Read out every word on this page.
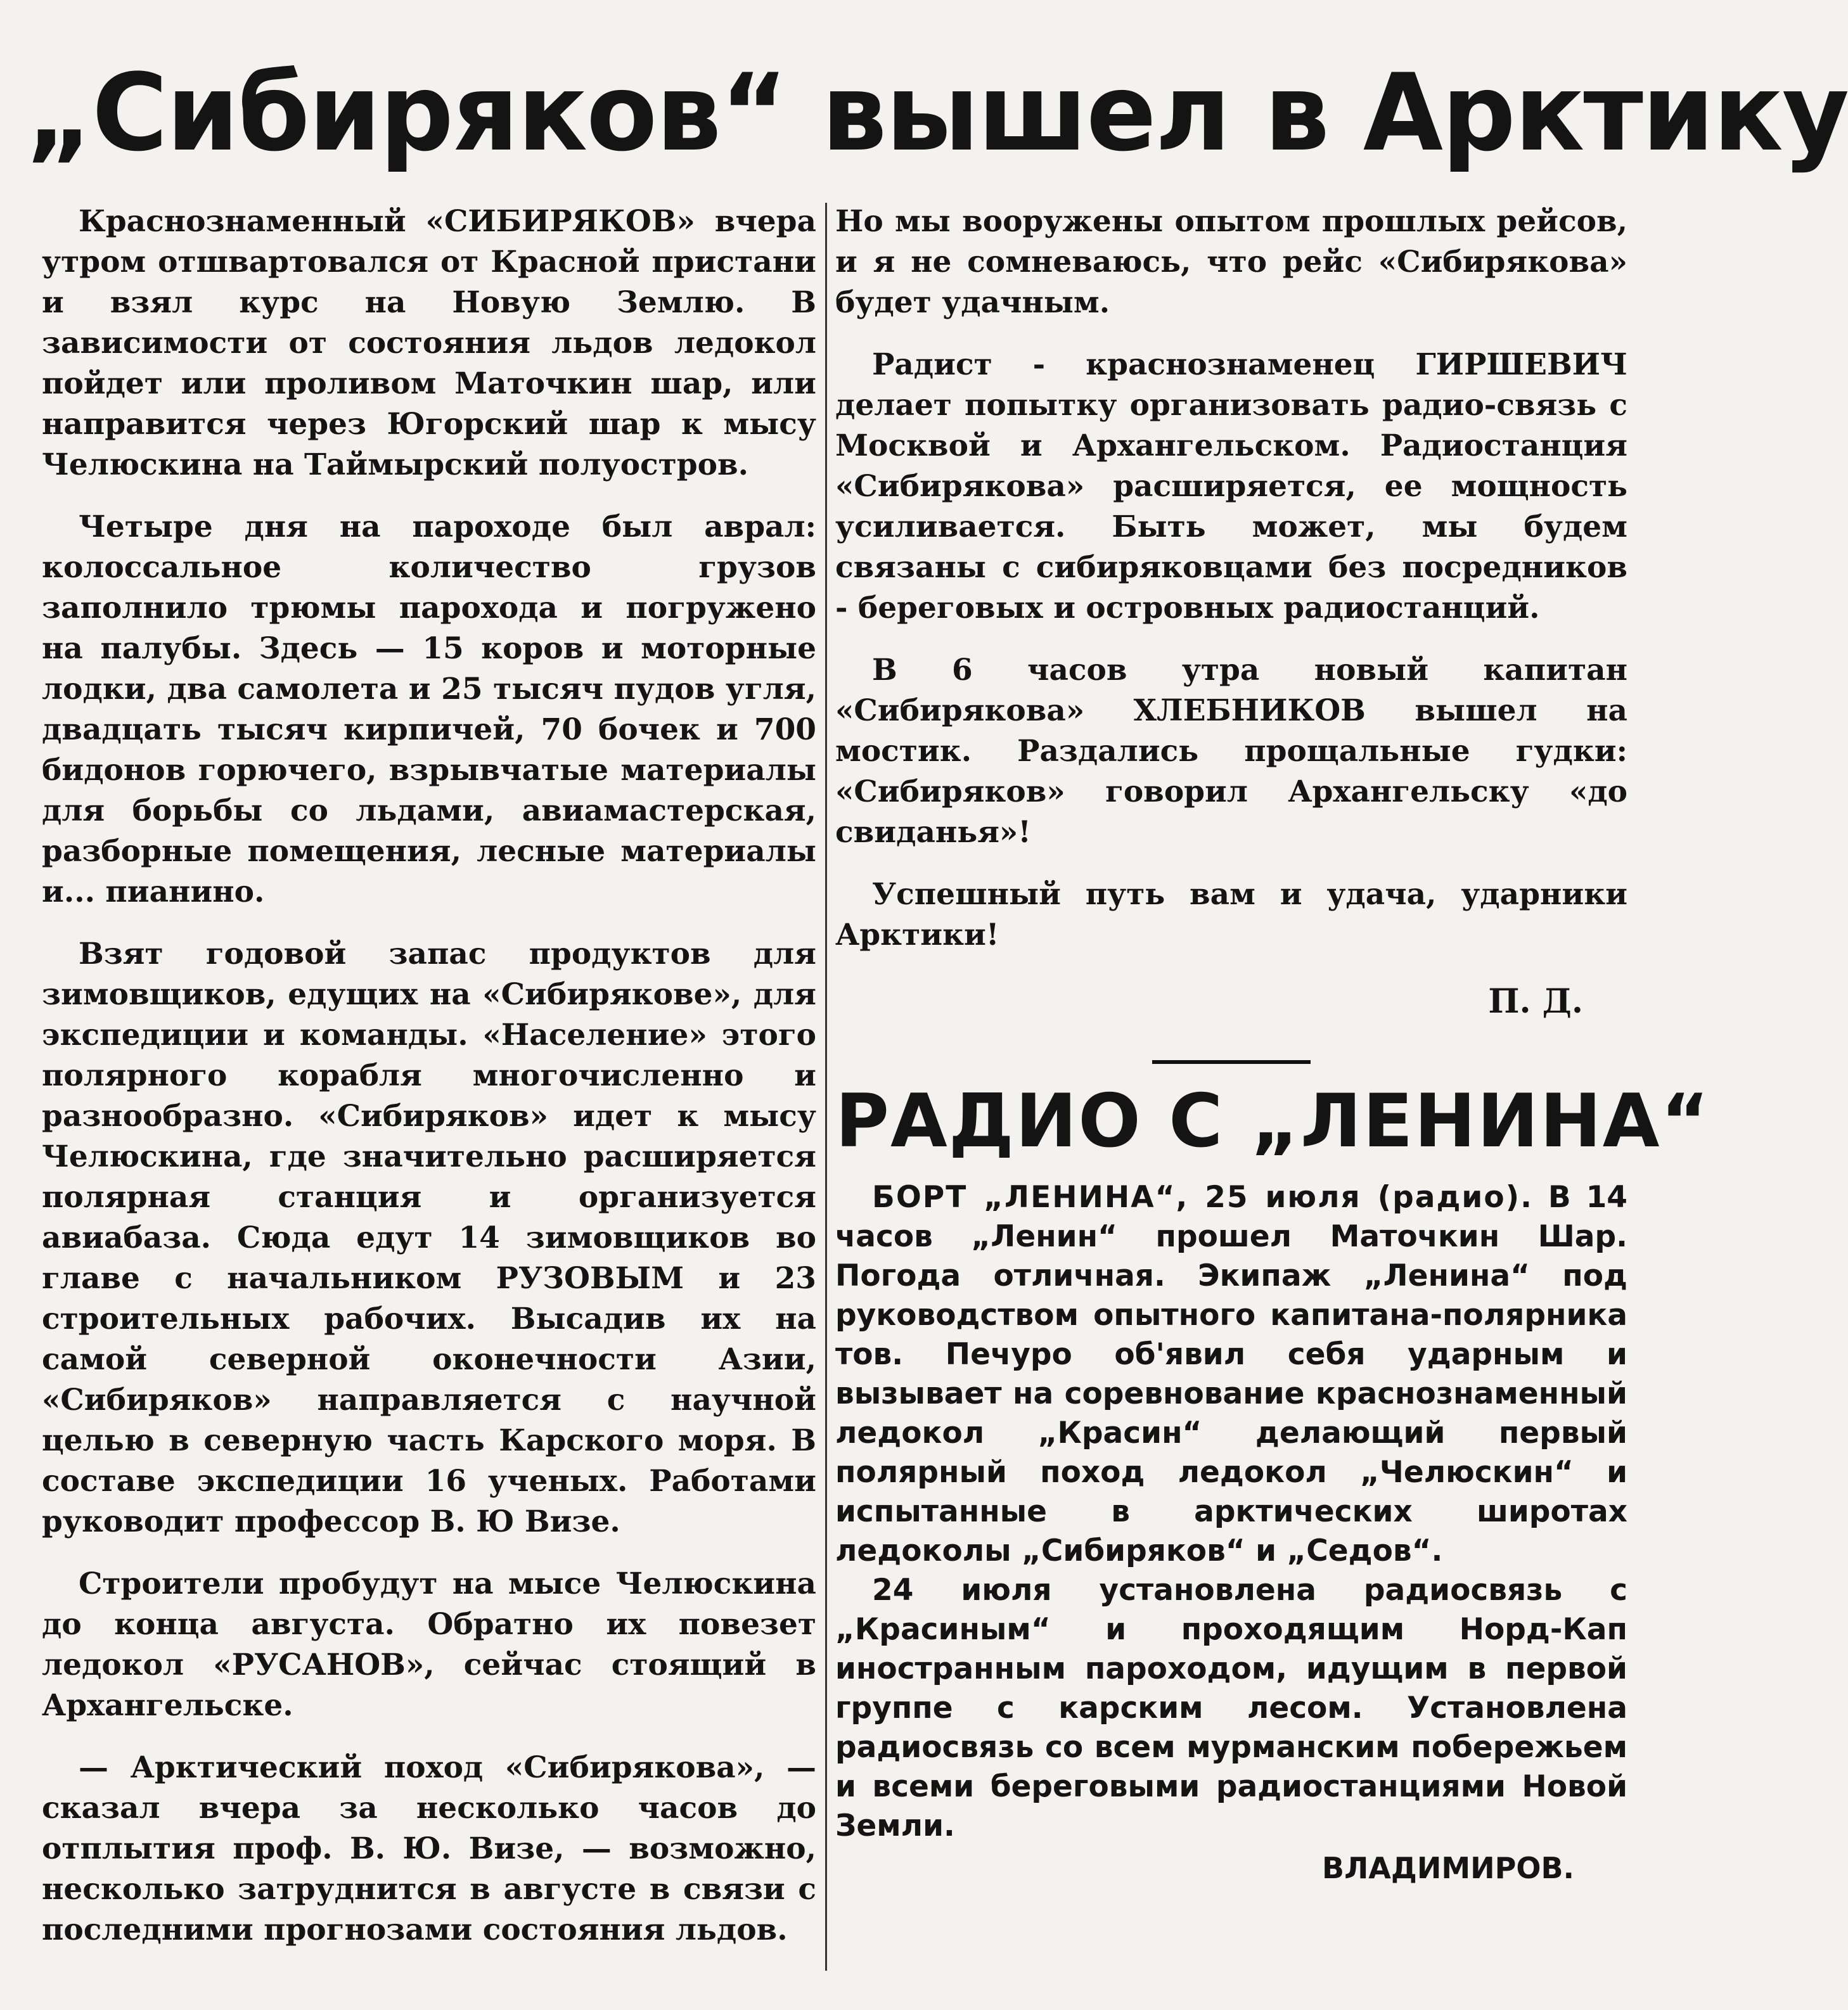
„Сибиряков“ вышел в Арктику

Краснознаменный «СИБИРЯКОВ» вчера утром отшвартовался от Красной пристани и взял курс на Новую Землю. В зависимости от состояния льдов ледокол пойдет или проливом Маточкин шар, или направится через Югорский шар к мысу Челюскина на Таймырский полуостров.

Четыре дня на пароходе был аврал: колоссальное количество грузов заполнило трюмы парохода и погружено на палубы. Здесь — 15 коров и моторные лодки, два самолета и 25 тысяч пудов угля, двадцать тысяч кирпичей, 70 бочек и 700 бидонов горючего, взрывчатые материалы для борьбы со льдами, авиамастерская, разборные помещения, лесные материалы и... пианино.

Взят годовой запас продуктов для зимовщиков, едущих на «Сибирякове», для экспедиции и команды. «Население» этого полярного корабля многочисленно и разнообразно. «Сибиряков» идет к мысу Челюскина, где значительно расширяется полярная станция и организуется авиабаза. Сюда едут 14 зимовщиков во главе с начальником РУЗОВЫМ и 23 строительных рабочих. Высадив их на самой северной оконечности Азии, «Сибиряков» направляется с научной целью в северную часть Карского моря. В составе экспедиции 16 ученых. Работами руководит профессор В. Ю Визе.

Строители пробудут на мысе Челюскина до конца августа. Обратно их повезет ледокол «РУСАНОВ», сейчас стоящий в Архангельске.

— Арктический поход «Сибирякова», — сказал вчера за несколько часов до отплытия проф. В. Ю. Визе, — возможно, несколько затруднится в августе в связи с последними прогнозами состояния льдов.

Но мы вооружены опытом прошлых рейсов, и я не сомневаюсь, что рейс «Сибирякова» будет удачным.

Радист - краснознаменец ГИРШЕВИЧ делает попытку организовать радио-связь с Москвой и Архангельском. Радиостанция «Сибирякова» расширяется, ее мощность усиливается. Быть может, мы будем связаны с сибиряковцами без посредников - береговых и островных радиостанций.

В 6 часов утра новый капитан «Сибирякова» ХЛЕБНИКОВ вышел на мостик. Раздались прощальные гудки: «Сибиряков» говорил Архангельску «до свиданья»!

Успешный путь вам и удача, ударники Арктики!

П. Д.
РАДИО С „ЛЕНИНА“

БОРТ „ЛЕНИНА“, 25 июля (радио). В 14 часов „Ленин“ прошел Маточкин Шар. Погода отличная. Экипаж „Ленина“ под руководством опытного капитана-полярника тов. Печуро об'явил себя ударным и вызывает на соревнование краснознаменный ледокол „Красин“ делающий первый полярный поход ледокол „Челюскин“ и испытанные в арктических широтах ледоколы „Сибиряков“ и „Седов“.

24 июля установлена радиосвязь с „Красиным“ и проходящим Норд-Кап иностранным пароходом, идущим в первой группе с карским лесом. Установлена радиосвязь со всем мурманским побережьем и всеми береговыми радиостанциями Новой Земли.

ВЛАДИМИРОВ.
